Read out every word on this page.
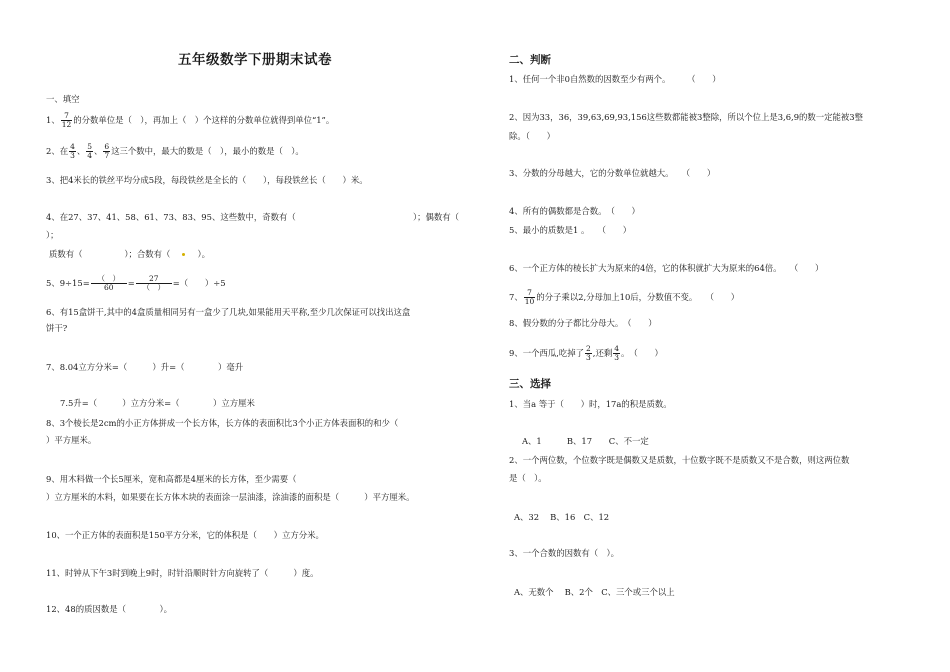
五年级数学下册期末试卷
一、填空
1、 $\frac{7}{12}$ 的分数单位是（　），再加上（　）个这样的分数单位就得到单位“1”。
2、在 $\frac{4}{3}$ 、 $\frac{5}{4}$ 、 $\frac{6}{7}$ 这三个数中，最大的数是（　），最小的数是（　）。
3、把4米长的铁丝平均分成5段，每段铁丝是全长的（　　），每段铁丝长（　　）米。
4、在27、37、41、58、61、73、83、95、这些数中，奇数有（　　　　　　　　　　　　　　）；偶数有（
）；
质数有（　　　　　）；合数有（	）。
5、9÷15=	（　）
60	=	27
（　） =（　　）÷5
6、有15盒饼干,其中的4盒质量相同另有一盒少了几块,如果能用天平称,至少几次保证可以找出这盒
饼干?
7、8.04立方分米=（　　　）升=（　　　　）毫升
7.5升=（　　　）立方分米=（　　　　）立方厘米
8、3个棱长是2cm的小正方体拼成一个长方体，长方体的表面积比3个小正方体表面积的和少（
）平方厘米。
9、用木料做一个长5厘米，宽和高都是4厘米的长方体，至少需要（
）立方厘米的木料，如果要在长方体木块的表面涂一层油漆，涂油漆的面积是（　　　）平方厘米。
10、一个正方体的表面积是150平方分米，它的体积是（　　）立方分米。
11、时钟从下午3时到晚上9时，时针沿顺时针方向旋转了（　　　）度。
12、48的质因数是（　　　　）。
二、判断
1、任何一个非0自然数的因数至少有两个。　　　（　　）
2、因为33，36，39,63,69,93,156这些数都能被3整除，所以个位上是3,6,9的数一定能被3整
除。（　　）
3、分数的分母越大，它的分数单位就越大。　　（　　）
4、所有的偶数都是合数。　（　　）
5、最小的质数是1 。　　（　　）
6、一个正方体的棱长扩大为原来的4倍，它的体积就扩大为原来的64倍。　　（　　）
7、 $\frac{7}{10}$ 的分子乘以2,分母加上10后，分数值不变。　　（　　）
8、假分数的分子都比分母大。　（　　）
9、一个西瓜,吃掉了 $\frac{2}{3}$ ,还剩 $\frac{4}{3}$ 。　（　　）
三、选择
1、当a 等于（　　）时，17a的积是质数。
A、1　　　B、17　　C、不一定
2、一个两位数，个位数字既是偶数又是质数，十位数字既不是质数又不是合数，则这两位数
是（　）。
A、32　 B、16　C、12
3、一个合数的因数有（　）。
A、无数个　 B、2个　C、三个或三个以上
